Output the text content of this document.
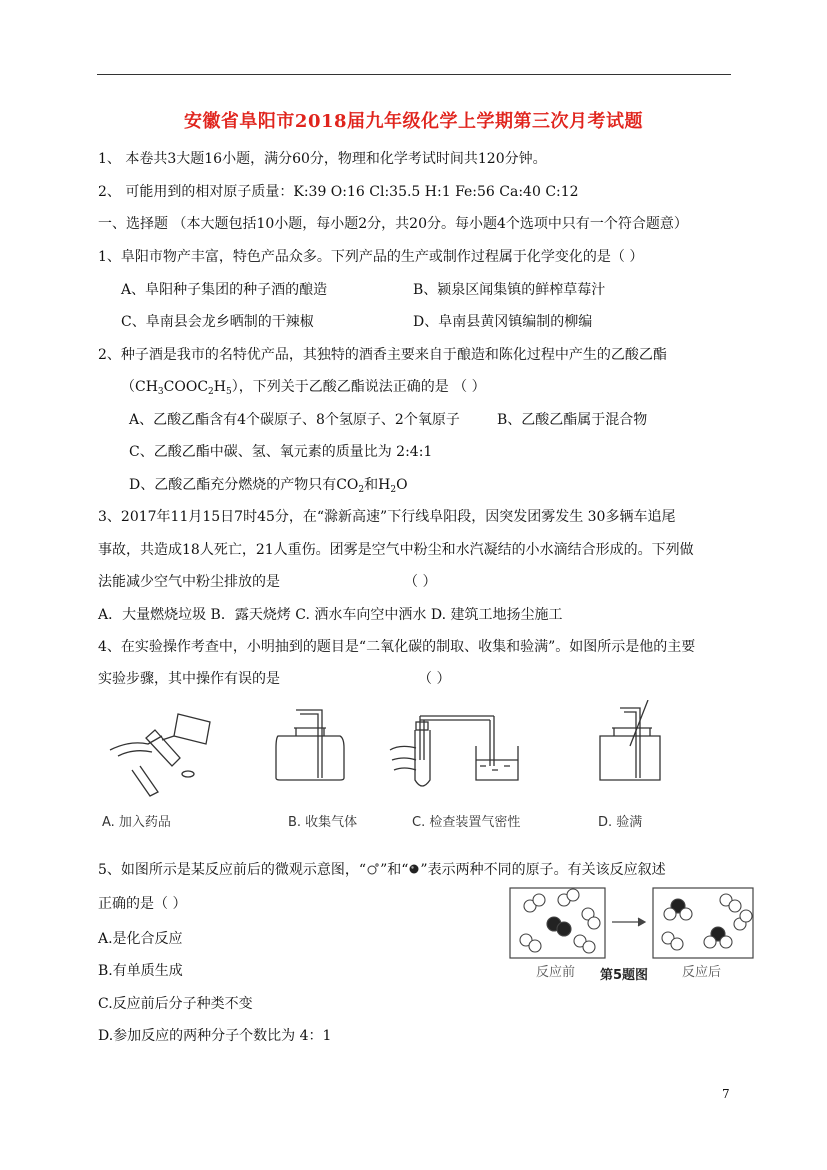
安徽省阜阳市2018届九年级化学上学期第三次月考试题
1、 本卷共3大题16小题，满分60分，物理和化学考试时间共120分钟。
2、 可能用到的相对原子质量：K:39 O:16 Cl:35.5 H:1 Fe:56 Ca:40 C:12
一、选择题 （本大题包括10小题，每小题2分，共20分。每小题4个选项中只有一个符合题意）
1、阜阳市物产丰富，特色产品众多。下列产品的生产或制作过程属于化学变化的是（ ）
A、阜阳种子集团的种子酒的酿造	B、颍泉区闻集镇的鲜榨草莓汁
C、阜南县会龙乡晒制的干辣椒	D、阜南县黄冈镇编制的柳编
2、种子酒是我市的名特优产品，其独特的酒香主要来自于酿造和陈化过程中产生的乙酸乙酯
$(CH_3COOC_2H_5)$，下列关于乙酸乙酯说法正确的是 （ ）
A、乙酸乙酯含有4个碳原子、8个氢原子、2个氧原子	B、乙酸乙酯属于混合物
C、乙酸乙酯中碳、氢、氧元素的质量比为 2:4:1
D、乙酸乙酯充分燃烧的产物只有$CO_2$和$H_2O$
3、2017年11月15日7时45分，在“滁新高速”下行线阜阳段，因突发团雾发生 30多辆车追尾
事故，共造成18人死亡，21人重伤。团雾是空气中粉尘和水汽凝结的小水滴结合形成的。下列做
法能减少空气中粉尘排放的是	（ ）
A．大量燃烧垃圾 B．露天烧烤 C. 洒水车向空中洒水 D. 建筑工地扬尘施工
4、在实验操作考查中，小明抽到的题目是“二氧化碳的制取、收集和验满”。如图所示是他的主要
实验步骤，其中操作有误的是	（ ）
A. 加入药品	B. 收集气体	C. 检查装置气密性	D. 验满
5、如图所示是某反应前后的微观示意图，“ ”和“ ”表示两种不同的原子。有关该反应叙述
正确的是（ ）
A.是化合反应
B.有单质生成
C.反应前后分子种类不变
D.参加反应的两种分子个数比为 4：1
反应前 第5题图	反应后
7
